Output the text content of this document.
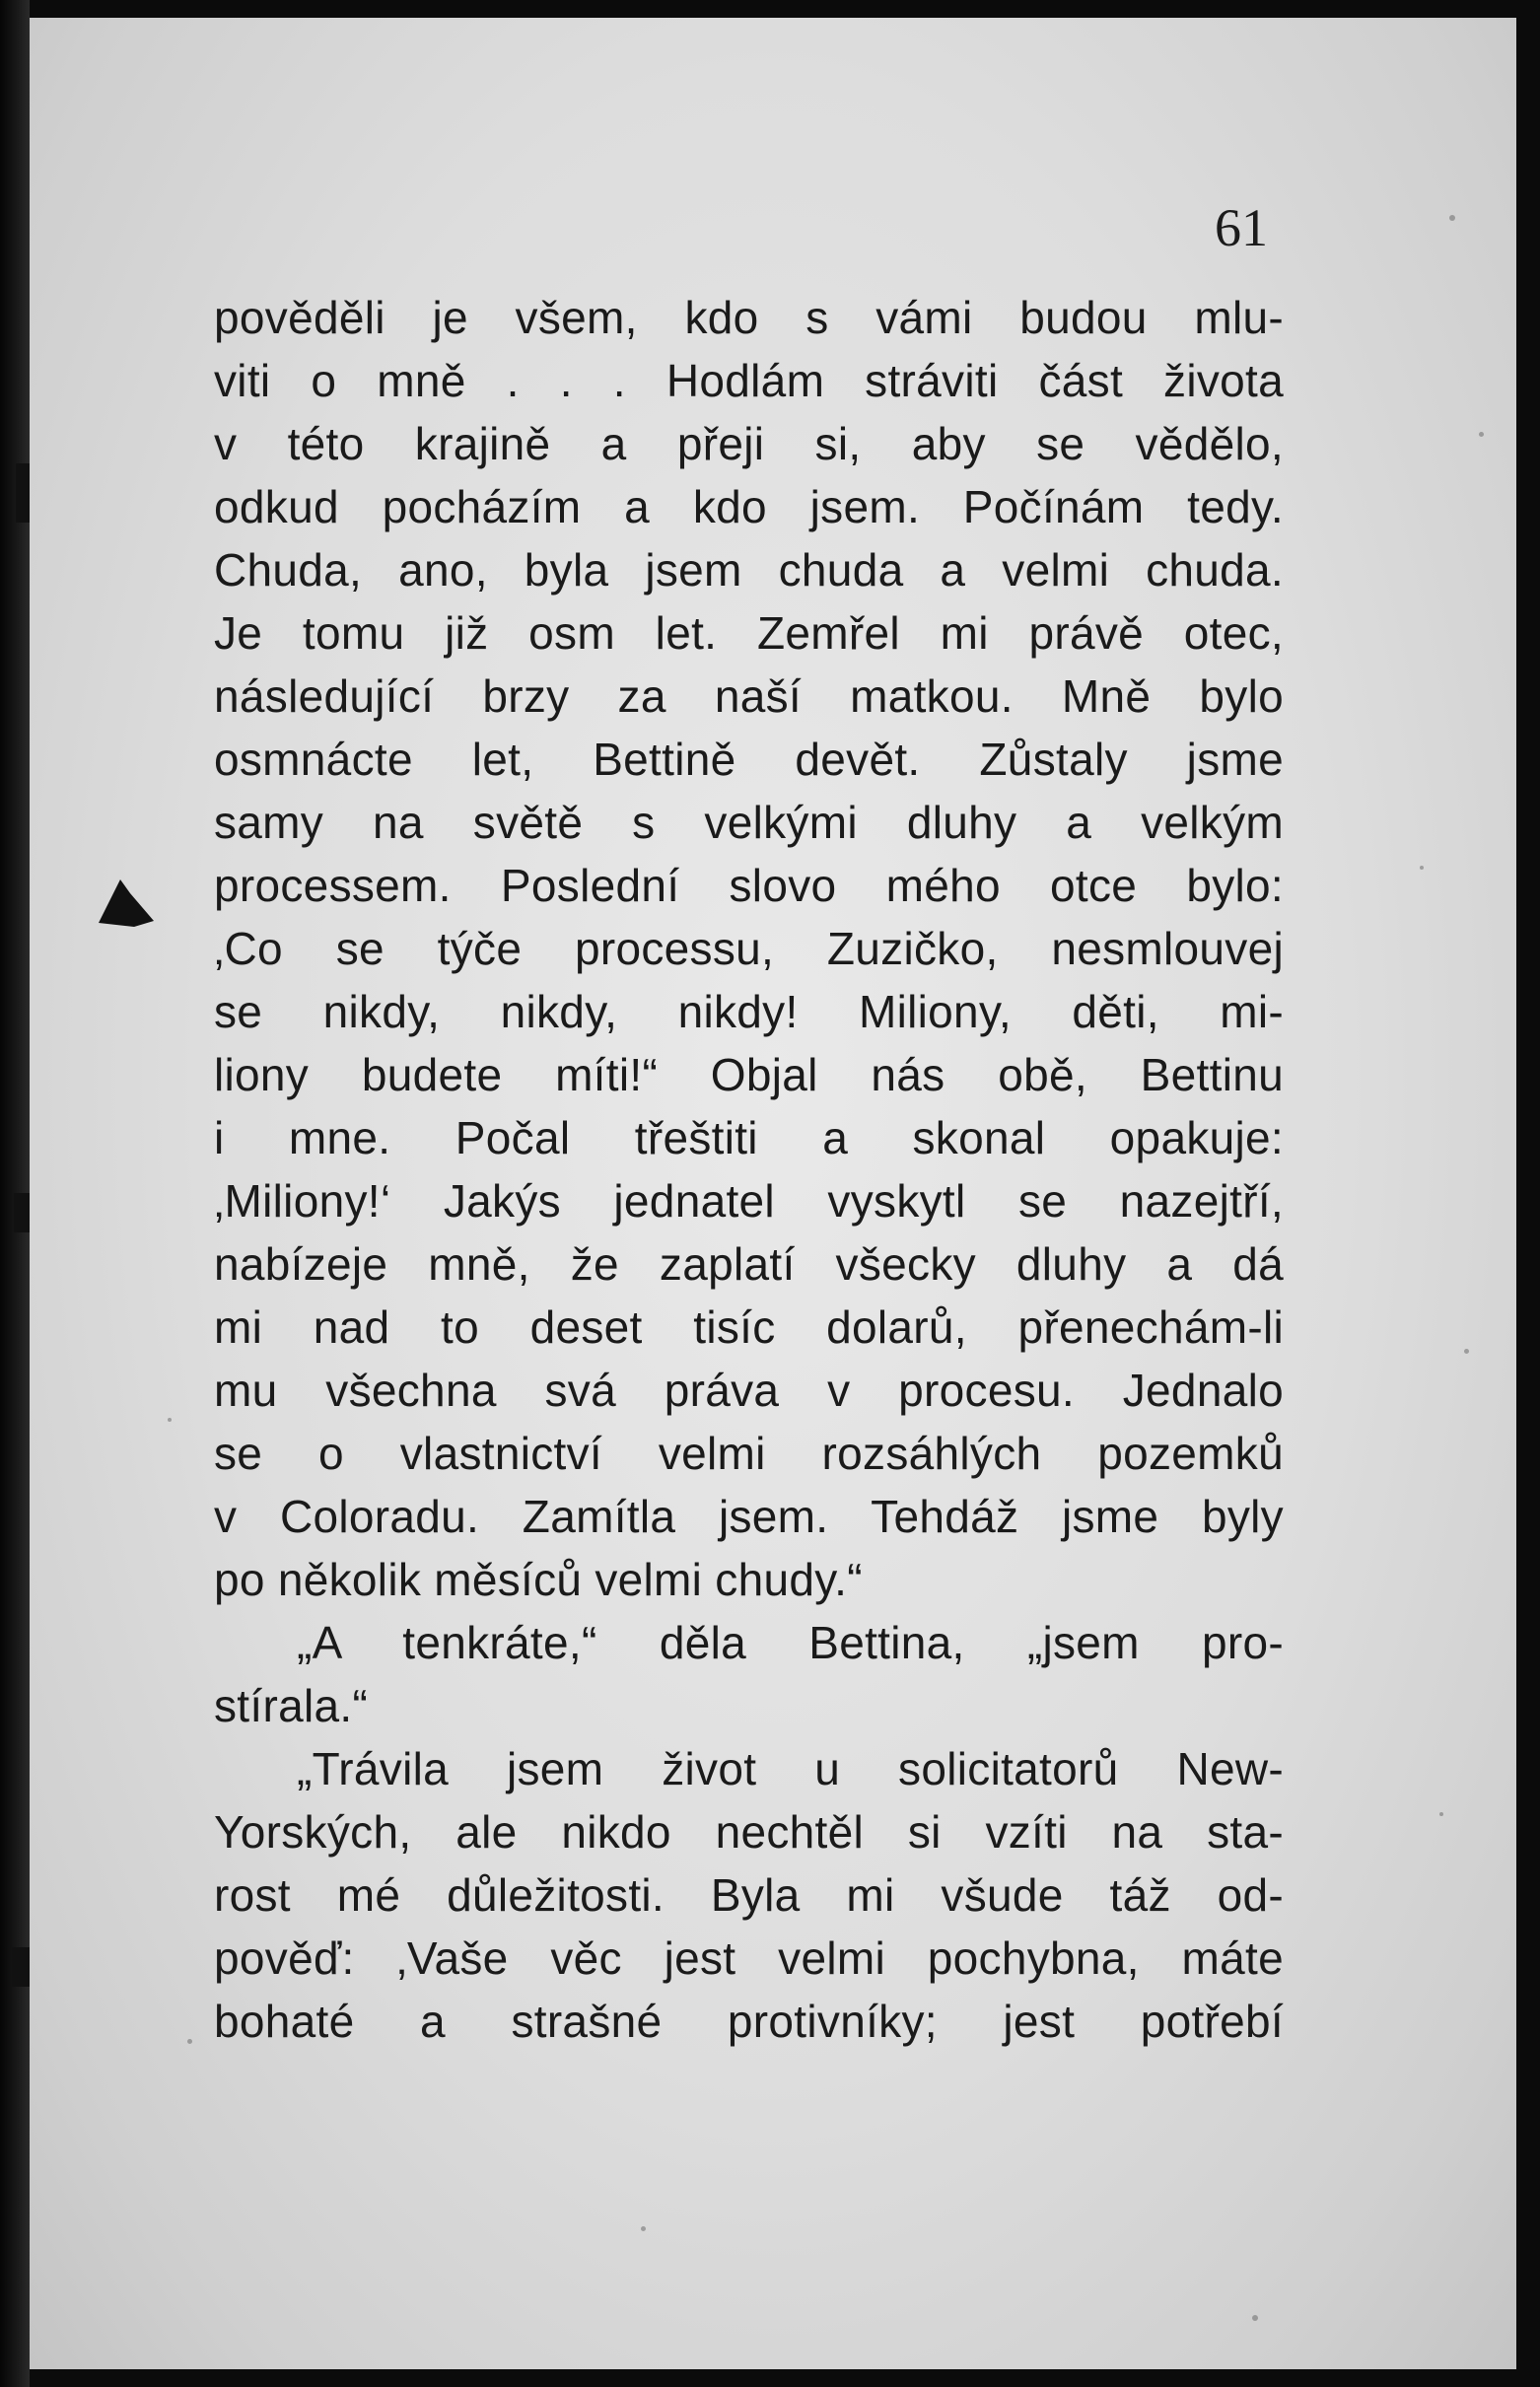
61
pověděli je všem, kdo s vámi budou mlu-
viti o mně . . . Hodlám stráviti část života
v této krajině a přeji si, aby se vědělo,
odkud pocházím a kdo jsem. Počínám tedy.
Chuda, ano, byla jsem chuda a velmi chuda.
Je tomu již osm let. Zemřel mi právě otec,
následující brzy za naší matkou. Mně bylo
osmnácte let, Bettině devět. Zůstaly jsme
samy na světě s velkými dluhy a velkým
processem. Poslední slovo mého otce bylo:
‚Co se týče processu, Zuzičko, nesmlouvej
se nikdy, nikdy, nikdy! Miliony, děti, mi-
liony budete míti!“ Objal nás obě, Bettinu
i mne. Počal třeštiti a skonal opakuje:
‚Miliony!‘ Jakýs jednatel vyskytl se nazejtří,
nabízeje mně, že zaplatí všecky dluhy a dá
mi nad to deset tisíc dolarů, přenechám-li
mu všechna svá práva v procesu. Jednalo
se o vlastnictví velmi rozsáhlých pozemků
v Coloradu. Zamítla jsem. Tehdáž jsme byly
po několik měsíců velmi chudy.“
„A tenkráte,“ děla Bettina, „jsem pro-
stírala.“
„Trávila jsem život u solicitatorů New-
Yorských, ale nikdo nechtěl si vzíti na sta-
rost mé důležitosti. Byla mi všude táž od-
pověď: ‚Vaše věc jest velmi pochybna, máte
bohaté a strašné protivníky; jest potřebí
